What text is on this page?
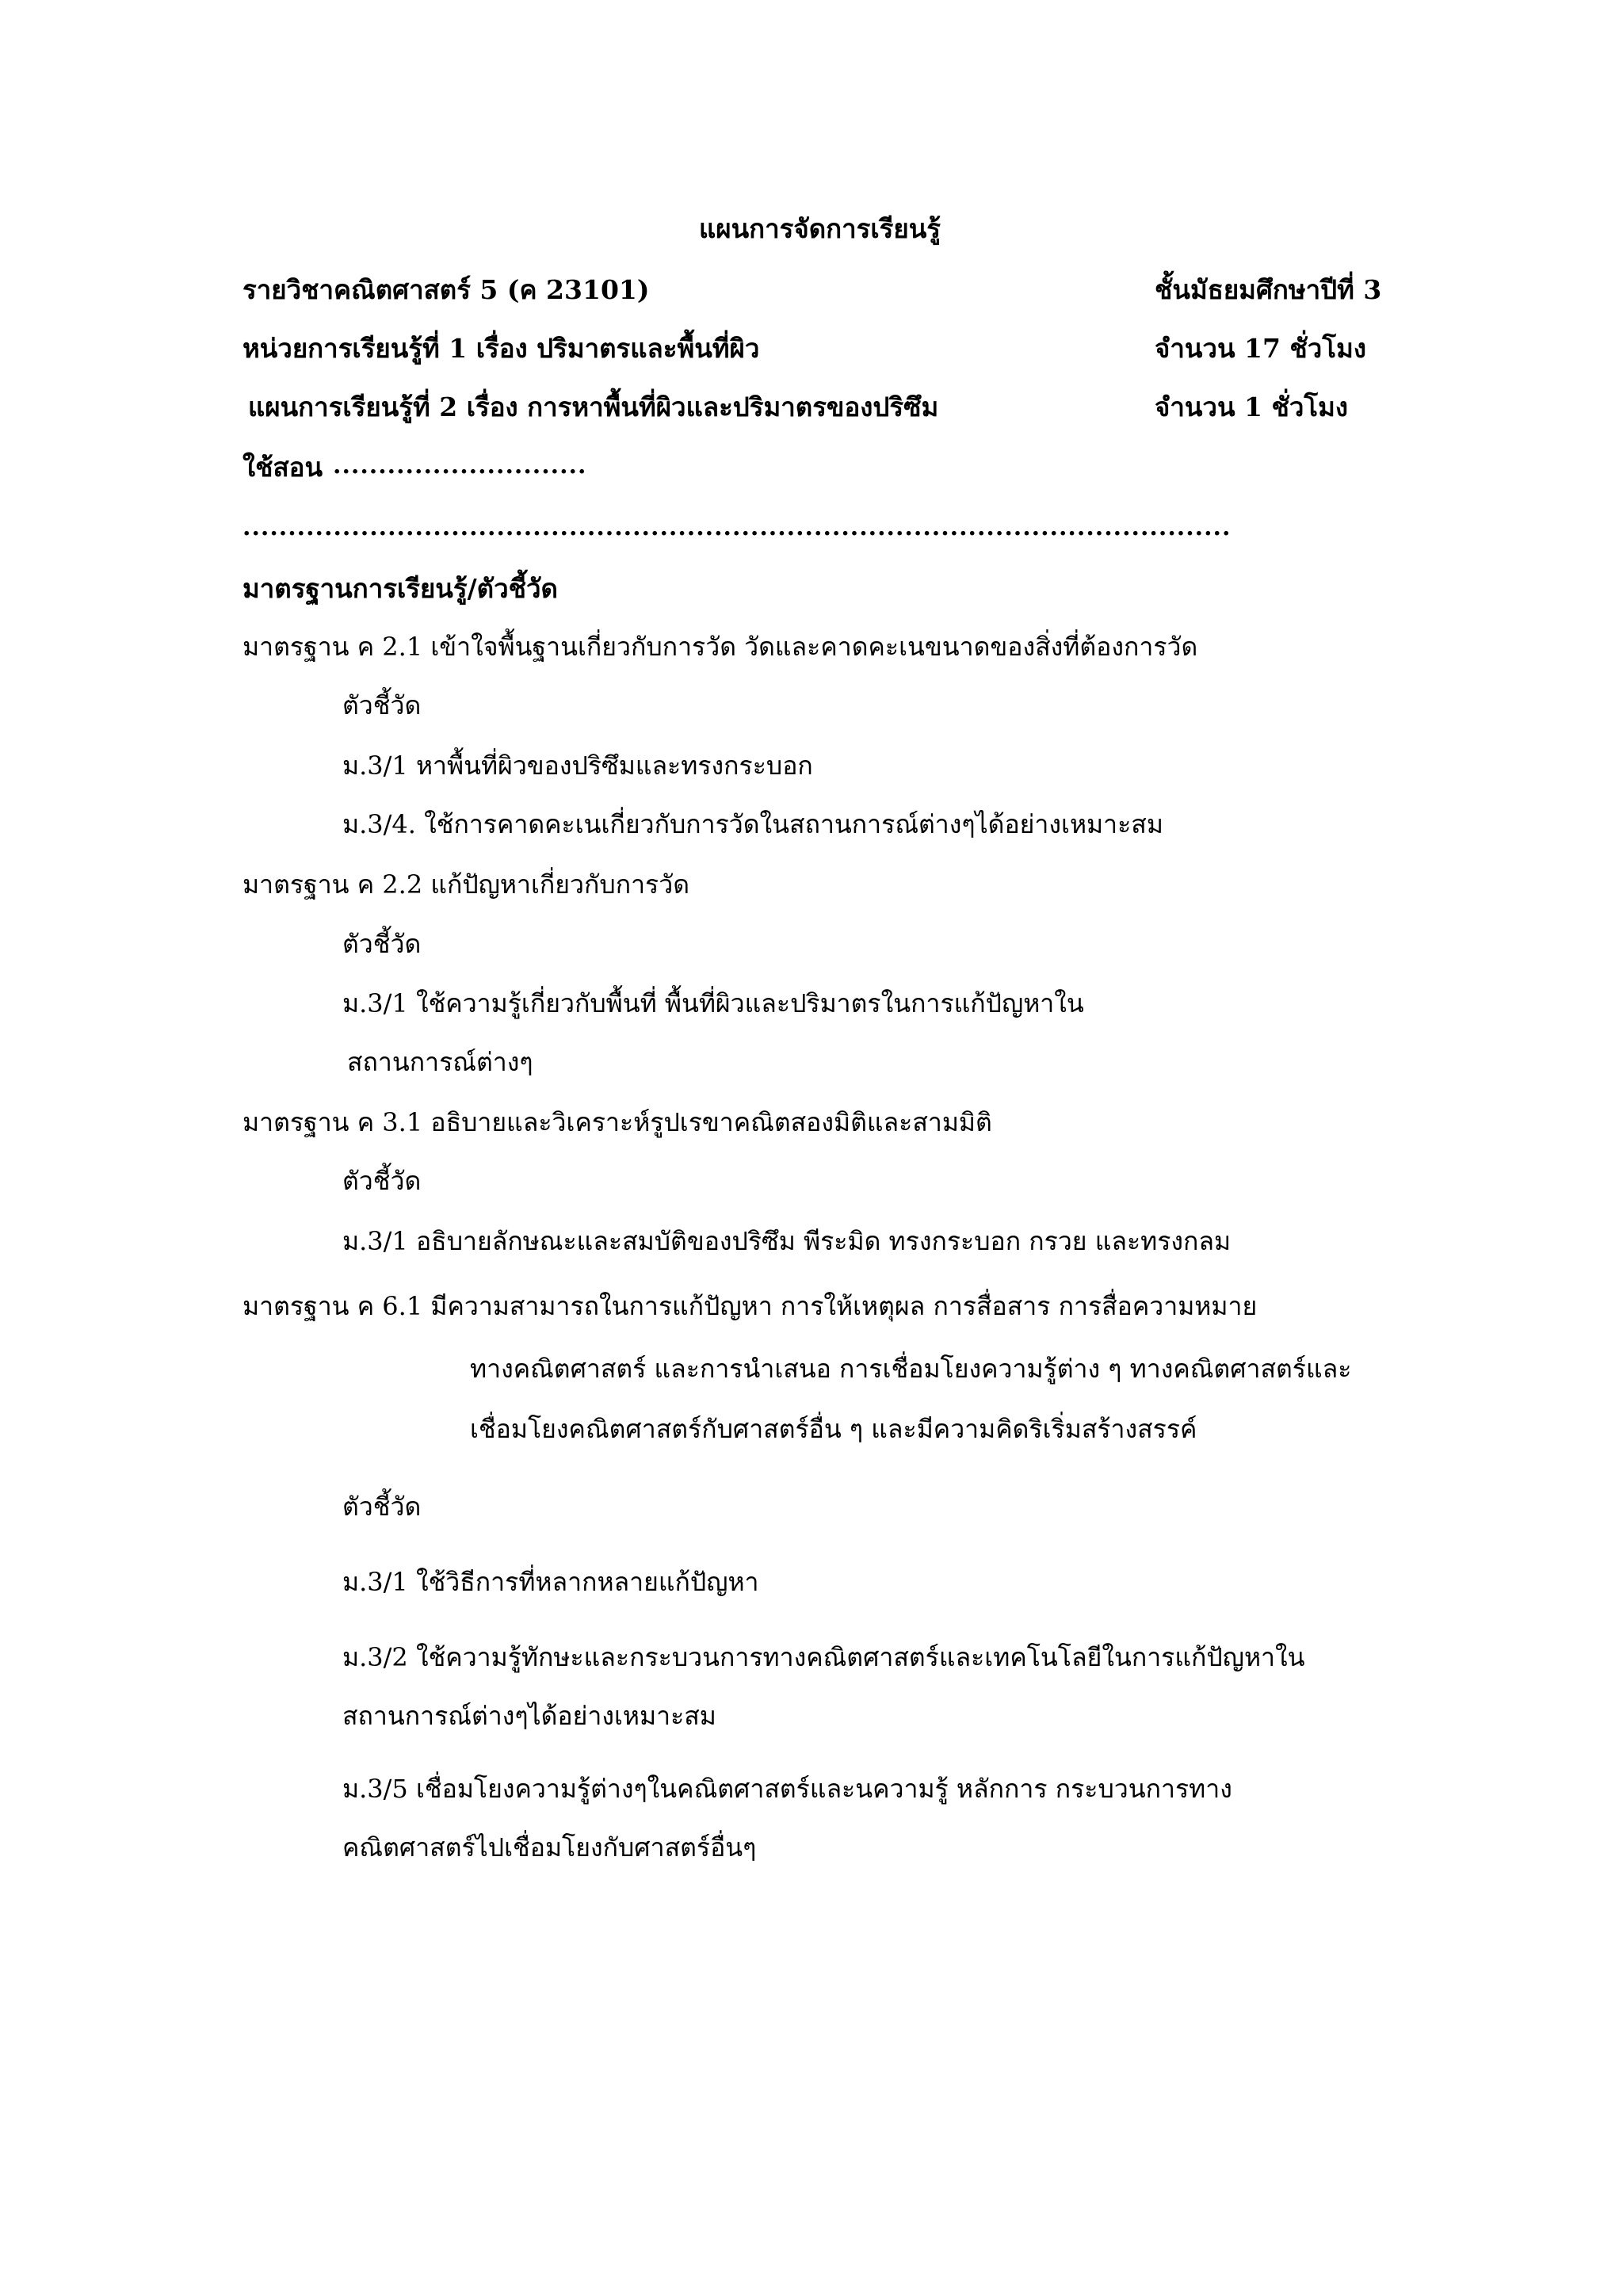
แผนการจัดการเรียนรู้
รายวิชาคณิตศาสตร์ 5 (ค 23101)	ชั้นมัธยมศึกษาปีที่ 3
หน่วยการเรียนรู้ที่ 1 เรื่อง ปริมาตรและพื้นที่ผิว	จำนวน 17 ชั่วโมง
แผนการเรียนรู้ที่ 2 เรื่อง การหาพื้นที่ผิวและปริมาตรของปริซึม	จำนวน 1 ชั่วโมง
ใช้สอน ............................
.............................................................................................................
มาตรฐานการเรียนรู้/ตัวชี้วัด
มาตรฐาน ค 2.1 เข้าใจพื้นฐานเกี่ยวกับการวัด วัดและคาดคะเนขนาดของสิ่งที่ต้องการวัด
ตัวชี้วัด
ม.3/1 หาพื้นที่ผิวของปริซึมและทรงกระบอก
ม.3/4. ใช้การคาดคะเนเกี่ยวกับการวัดในสถานการณ์ต่างๆได้อย่างเหมาะสม
มาตรฐาน ค 2.2 แก้ปัญหาเกี่ยวกับการวัด
ตัวชี้วัด
ม.3/1 ใช้ความรู้เกี่ยวกับพื้นที่ พื้นที่ผิวและปริมาตรในการแก้ปัญหาใน
สถานการณ์ต่างๆ
มาตรฐาน ค 3.1 อธิบายและวิเคราะห์รูปเรขาคณิตสองมิติและสามมิติ
ตัวชี้วัด
ม.3/1 อธิบายลักษณะและสมบัติของปริซึม พีระมิด ทรงกระบอก กรวย และทรงกลม
มาตรฐาน ค 6.1 มีความสามารถในการแก้ปัญหา การให้เหตุผล การสื่อสาร การสื่อความหมาย
ทางคณิตศาสตร์ และการนำเสนอ การเชื่อมโยงความรู้ต่าง ๆ ทางคณิตศาสตร์และ
เชื่อมโยงคณิตศาสตร์กับศาสตร์อื่น ๆ และมีความคิดริเริ่มสร้างสรรค์
ตัวชี้วัด
ม.3/1 ใช้วิธีการที่หลากหลายแก้ปัญหา
ม.3/2 ใช้ความรู้ทักษะและกระบวนการทางคณิตศาสตร์และเทคโนโลยีในการแก้ปัญหาใน
สถานการณ์ต่างๆได้อย่างเหมาะสม
ม.3/5 เชื่อมโยงความรู้ต่างๆในคณิตศาสตร์และนความรู้ หลักการ กระบวนการทาง
คณิตศาสตร์ไปเชื่อมโยงกับศาสตร์อื่นๆ
